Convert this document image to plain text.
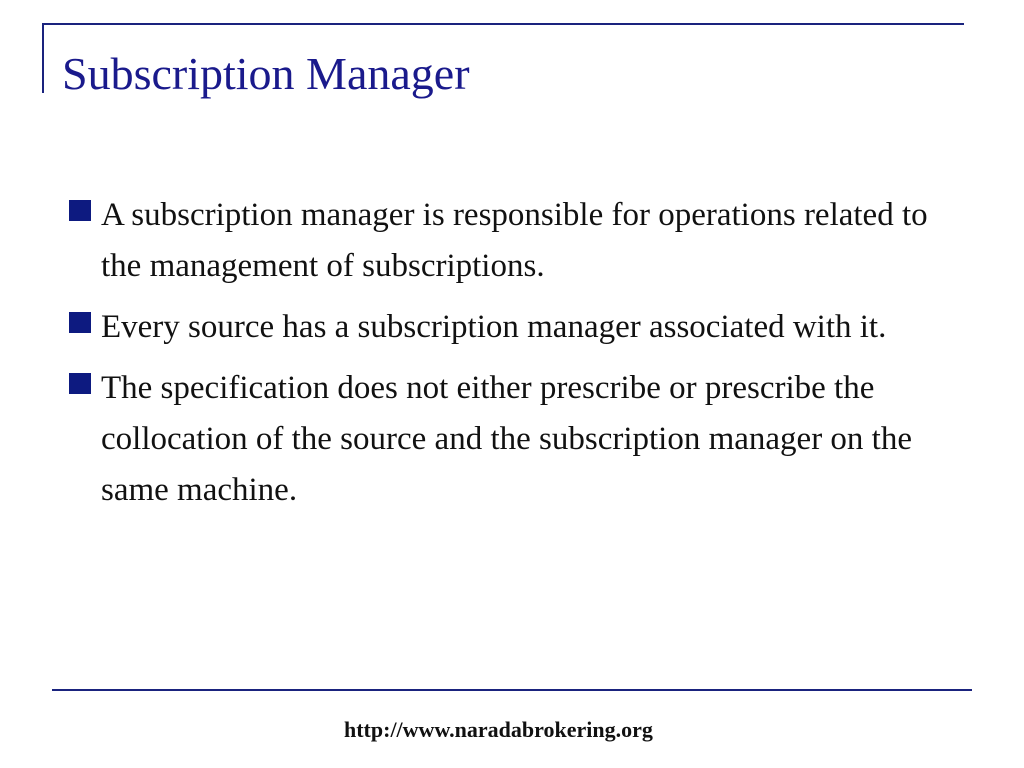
Subscription Manager
A subscription manager is responsible for operations related to the management of subscriptions.
Every source has a subscription manager associated with it.
The specification does not either prescribe or prescribe the collocation of the source and the subscription manager on the same machine.
http://www.naradabrokering.org
